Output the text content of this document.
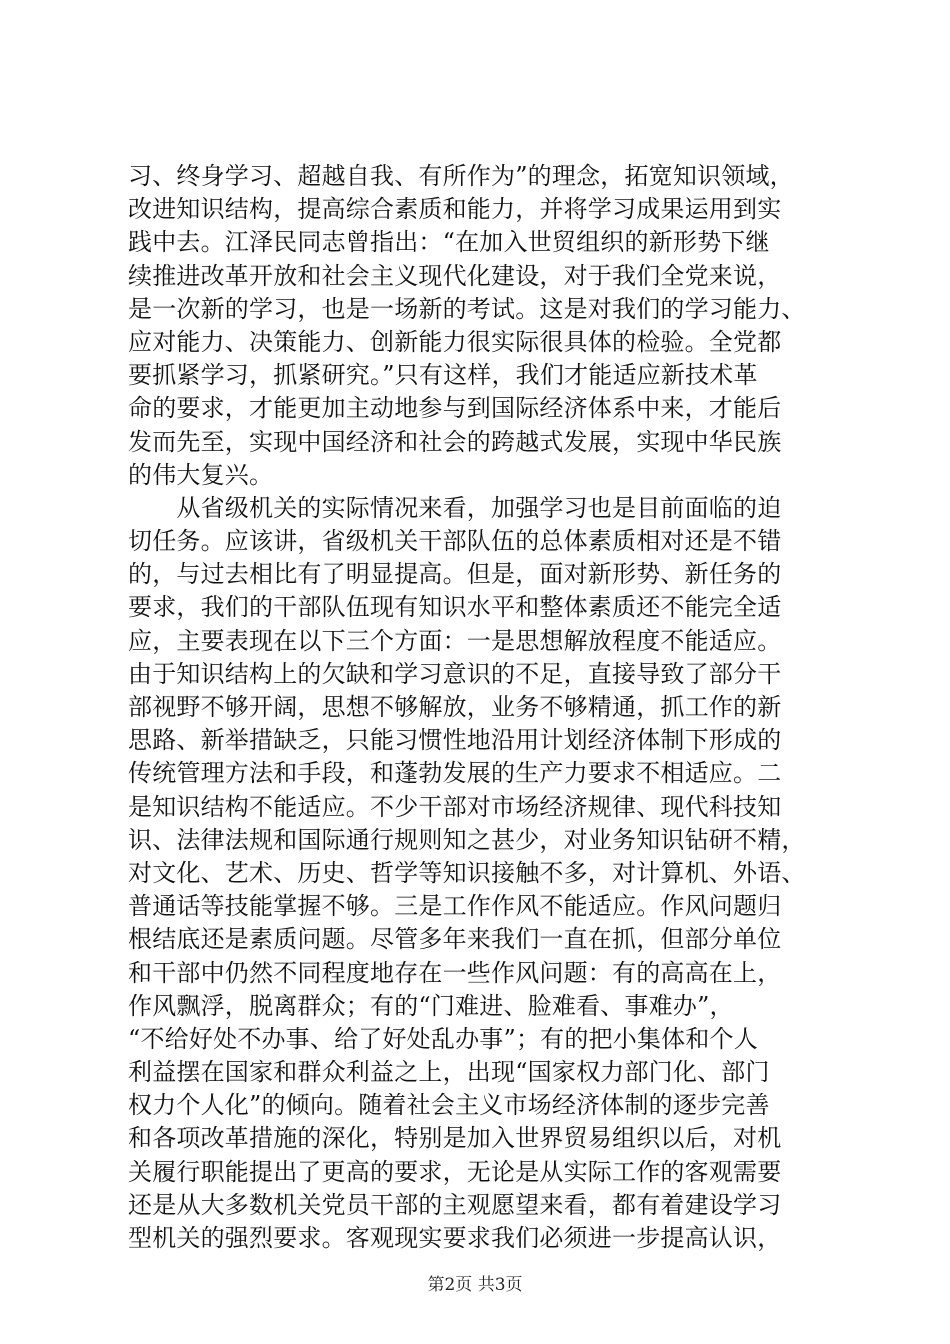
习、终身学习、超越自我、有所作为”的理念，拓宽知识领域，
改进知识结构，提高综合素质和能力，并将学习成果运用到实
践中去。江泽民同志曾指出：“在加入世贸组织的新形势下继
续推进改革开放和社会主义现代化建设，对于我们全党来说，
是一次新的学习，也是一场新的考试。这是对我们的学习能力、
应对能力、决策能力、创新能力很实际很具体的检验。全党都
要抓紧学习，抓紧研究。”只有这样，我们才能适应新技术革
命的要求，才能更加主动地参与到国际经济体系中来，才能后
发而先至，实现中国经济和社会的跨越式发展，实现中华民族
的伟大复兴。
　　从省级机关的实际情况来看，加强学习也是目前面临的迫
切任务。应该讲，省级机关干部队伍的总体素质相对还是不错
的，与过去相比有了明显提高。但是，面对新形势、新任务的
要求，我们的干部队伍现有知识水平和整体素质还不能完全适
应，主要表现在以下三个方面：一是思想解放程度不能适应。
由于知识结构上的欠缺和学习意识的不足，直接导致了部分干
部视野不够开阔，思想不够解放，业务不够精通，抓工作的新
思路、新举措缺乏，只能习惯性地沿用计划经济体制下形成的
传统管理方法和手段，和蓬勃发展的生产力要求不相适应。二
是知识结构不能适应。不少干部对市场经济规律、现代科技知
识、法律法规和国际通行规则知之甚少，对业务知识钻研不精，
对文化、艺术、历史、哲学等知识接触不多，对计算机、外语、
普通话等技能掌握不够。三是工作作风不能适应。作风问题归
根结底还是素质问题。尽管多年来我们一直在抓，但部分单位
和干部中仍然不同程度地存在一些作风问题：有的高高在上，
作风飘浮，脱离群众；有的“门难进、脸难看、事难办”，
“不给好处不办事、给了好处乱办事”；有的把小集体和个人
利益摆在国家和群众利益之上，出现“国家权力部门化、部门
权力个人化”的倾向。随着社会主义市场经济体制的逐步完善
和各项改革措施的深化，特别是加入世界贸易组织以后，对机
关履行职能提出了更高的要求，无论是从实际工作的客观需要
还是从大多数机关党员干部的主观愿望来看，都有着建设学习
型机关的强烈要求。客观现实要求我们必须进一步提高认识，
第2页 共3页
